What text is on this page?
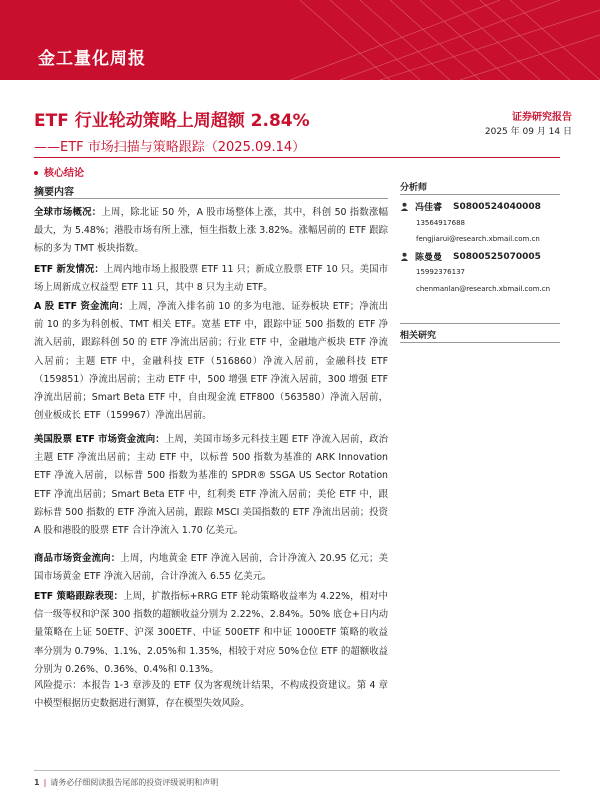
金工量化周报
证券研究报告
2025 年 09 月 14 日
ETF 行业轮动策略上周超额 2.84%
——ETF 市场扫描与策略跟踪（2025.09.14）
核心结论
摘要内容

全球市场概况：上周，除北证 50 外，A 股市场整体上涨，其中，科创 50 指数涨幅最大，为 5.48%；港股市场有所上涨，恒生指数上涨 3.82%。涨幅居前的 ETF 跟踪标的多为 TMT 板块指数。

ETF 新发情况：上周内地市场上报股票 ETF 11 只；新成立股票 ETF 10 只。美国市场上周新成立权益型 ETF 11 只，其中 8 只为主动 ETF。

A 股 ETF 资金流向：上周，净流入排名前 10 的多为电池、证券板块 ETF；净流出前 10 的多为科创板、TMT 相关 ETF。宽基 ETF 中，跟踪中证 500 指数的 ETF 净流入居前，跟踪科创 50 的 ETF 净流出居前；行业 ETF 中，金融地产板块 ETF 净流入居前；主题 ETF 中，金融科技 ETF（516860）净流入居前，金融科技 ETF（159851）净流出居前；主动 ETF 中，500 增强 ETF 净流入居前，300 增强 ETF 净流出居前；Smart Beta ETF 中，自由现金流 ETF800（563580）净流入居前，创业板成长 ETF（159967）净流出居前。

美国股票 ETF 市场资金流向：上周，美国市场多元科技主题 ETF 净流入居前，政治主题 ETF 净流出居前；主动 ETF 中，以标普 500 指数为基准的 ARK Innovation ETF 净流入居前，以标普 500 指数为基准的 SPDR® SSGA US Sector Rotation ETF 净流出居前；Smart Beta ETF 中，红利类 ETF 净流入居前；美伦 ETF 中，跟踪标普 500 指数的 ETF 净流入居前，跟踪 MSCI 美国指数的 ETF 净流出居前；投资 A 股和港股的股票 ETF 合计净流入 1.70 亿美元。

商品市场资金流向：上周，内地黄金 ETF 净流入居前，合计净流入 20.95 亿元；美国市场黄金 ETF 净流入居前，合计净流入 6.55 亿美元。

ETF 策略跟踪表现：上周，扩散指标+RRG ETF 轮动策略收益率为 4.22%，相对中信一级等权和沪深 300 指数的超额收益分别为 2.22%、2.84%。50% 底仓+日内动量策略在上证 50ETF、沪深 300ETF、中证 500ETF 和中证 1000ETF 策略的收益率分别为 0.79%、1.1%、2.05%和 1.35%，相较于对应 50%仓位 ETF 的超额收益分别为 0.26%、0.36%、0.4%和 0.13%。

风险提示：本报告 1-3 章涉及的 ETF 仅为客观统计结果，不构成投资建议。第 4 章中模型根据历史数据进行测算，存在模型失效风险。

分析师
冯佳睿	S0800524040008
13564917688
fengjiarui@research.xbmail.com.cn
陈曼曼	S0800525070005
15992376137
chenmanlan@research.xbmail.com.cn
相关研究
1 | 请务必仔细阅读报告尾部的投资评级说明和声明
